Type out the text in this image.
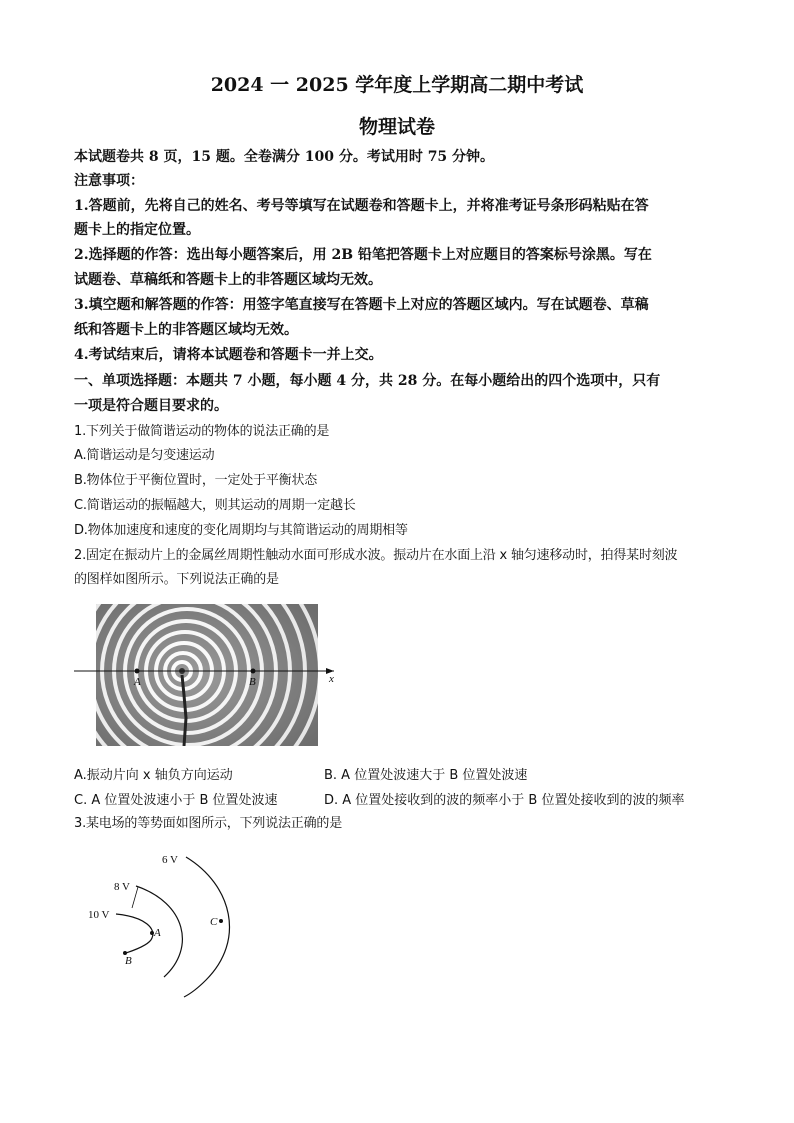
2024 一 2025 学年度上学期高二期中考试
物理试卷
本试题卷共 8 页，15 题。全卷满分 100 分。考试用时 75 分钟。
注意事项：
1.答题前，先将自己的姓名、考号等填写在试题卷和答题卡上，并将准考证号条形码粘贴在答
题卡上的指定位置。
2.选择题的作答：选出每小题答案后，用 2B 铅笔把答题卡上对应题目的答案标号涂黑。写在
试题卷、草稿纸和答题卡上的非答题区域均无效。
3.填空题和解答题的作答：用签字笔直接写在答题卡上对应的答题区域内。写在试题卷、草稿
纸和答题卡上的非答题区域均无效。
4.考试结束后，请将本试题卷和答题卡一并上交。
一、单项选择题：本题共 7 小题，每小题 4 分，共 28 分。在每小题给出的四个选项中，只有
一项是符合题目要求的。
1.下列关于做简谐运动的物体的说法正确的是
A.简谐运动是匀变速运动
B.物体位于平衡位置时，一定处于平衡状态
C.简谐运动的振幅越大，则其运动的周期一定越长
D.物体加速度和速度的变化周期均与其简谐运动的周期相等
2.固定在振动片上的金属丝周期性触动水面可形成水波。振动片在水面上沿 x 轴匀速移动时，拍得某时刻波
的图样如图所示。下列说法正确的是
A	B	x
A.振动片向 x 轴负方向运动	B. A 位置处波速大于 B 位置处波速
C. A 位置处波速小于 B 位置处波速	D. A 位置处接收到的波的频率小于 B 位置处接收到的波的频率
3.某电场的等势面如图所示，下列说法正确的是
8 V
6 V
10 V
A
B
C
